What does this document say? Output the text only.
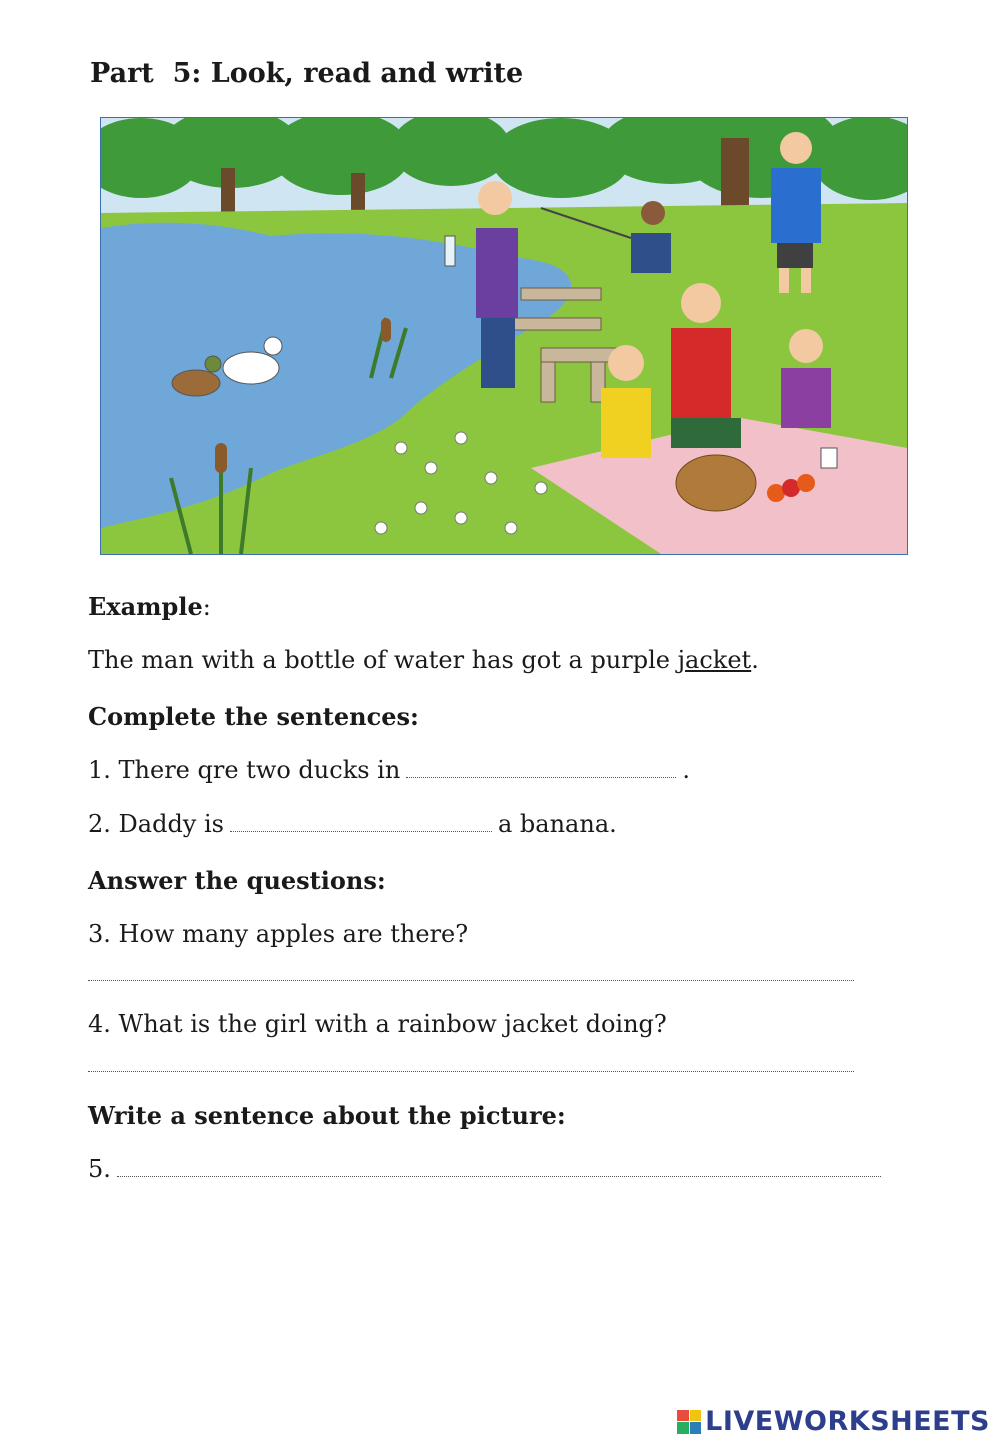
Part  5: Look, read and write
Example:
The man with a bottle of water has got a purple jacket.
Complete the sentences:
1. There qre two ducks in	.
2. Daddy is	a banana.
Answer the questions:
3. How many apples are there?
4. What is the girl with a rainbow jacket doing?
Write a sentence about the picture:
5.
LIVEWORKSHEETS
